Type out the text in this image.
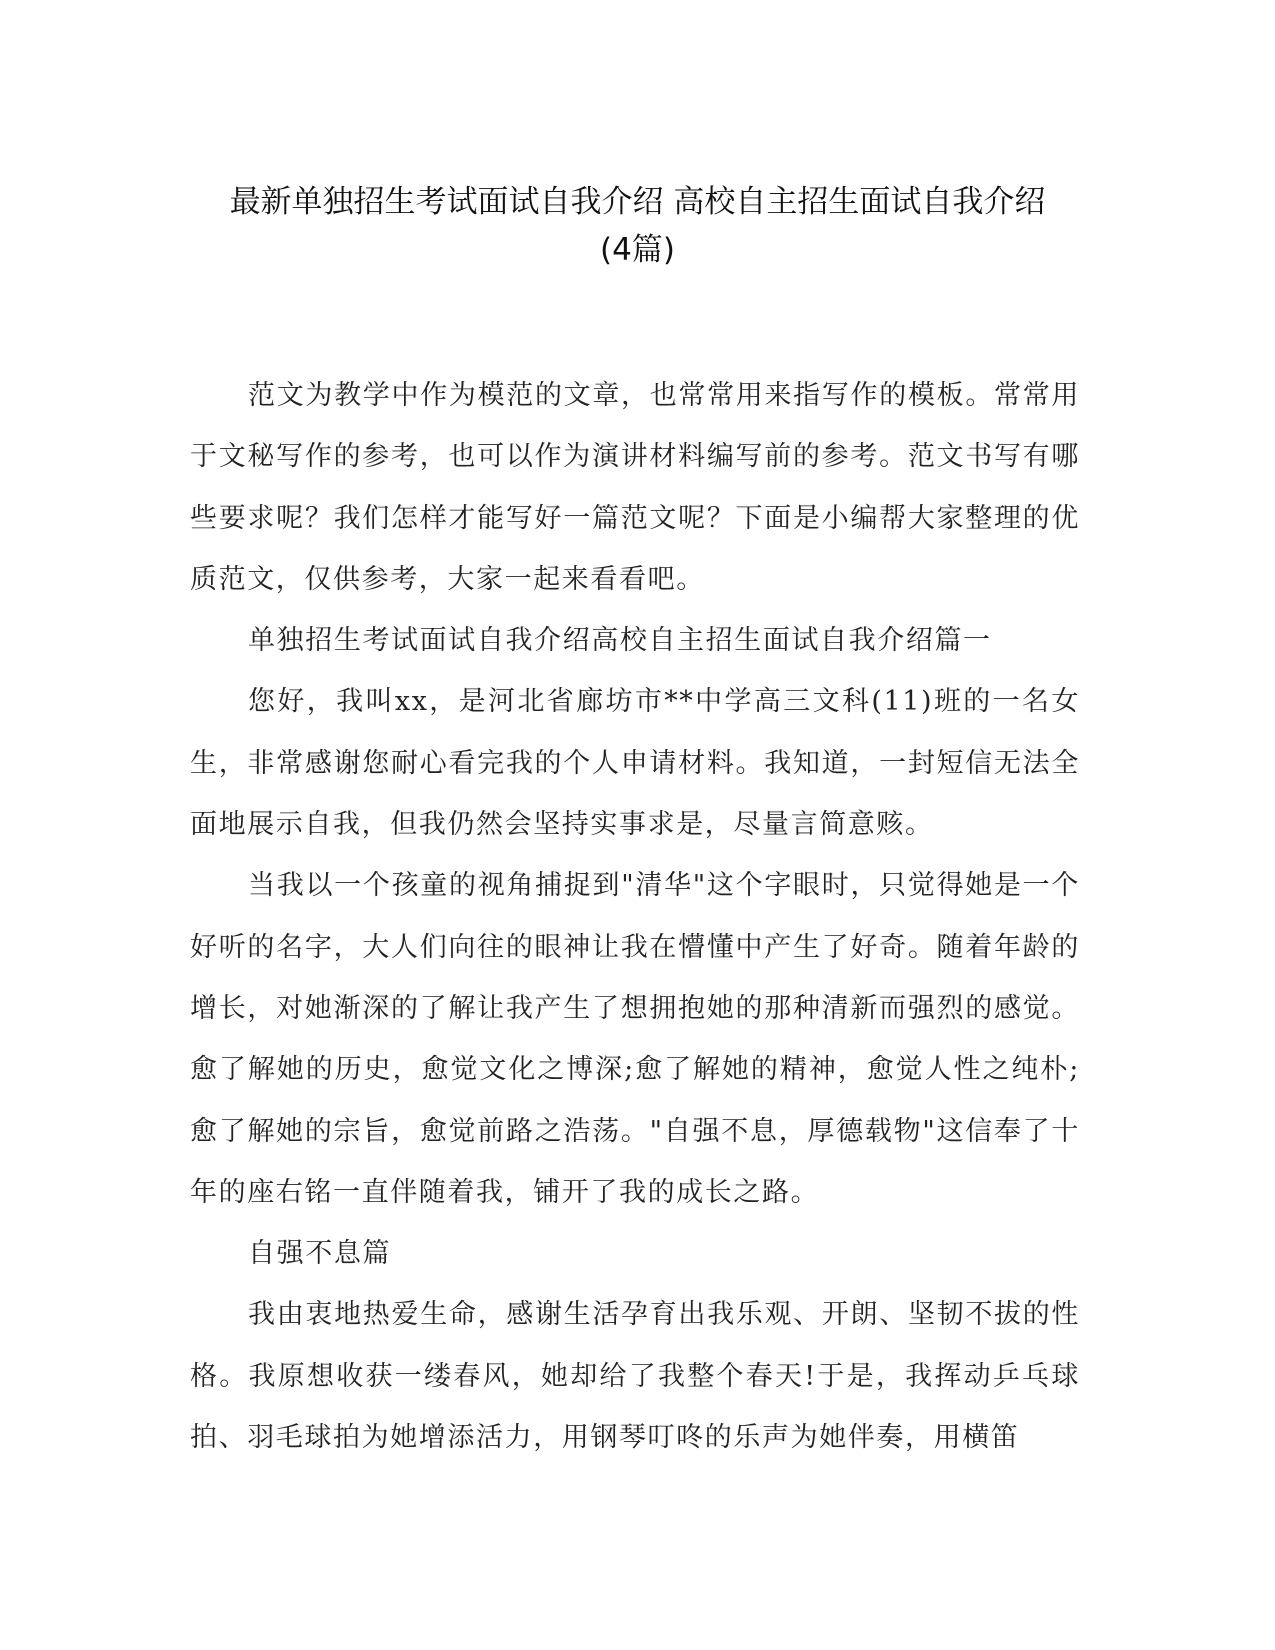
最新单独招生考试面试自我介绍 高校自主招生面试自我介绍
(4篇)

范文为教学中作为模范的文章，也常常用来指写作的模板。常常用于文秘写作的参考，也可以作为演讲材料编写前的参考。范文书写有哪些要求呢？我们怎样才能写好一篇范文呢？下面是小编帮大家整理的优质范文，仅供参考，大家一起来看看吧。

单独招生考试面试自我介绍高校自主招生面试自我介绍篇一

您好，我叫xx，是河北省廊坊市**中学高三文科(11)班的一名女生，非常感谢您耐心看完我的个人申请材料。我知道，一封短信无法全面地展示自我，但我仍然会坚持实事求是，尽量言简意赅。

当我以一个孩童的视角捕捉到"清华"这个字眼时，只觉得她是一个好听的名字，大人们向往的眼神让我在懵懂中产生了好奇。随着年龄的增长，对她渐深的了解让我产生了想拥抱她的那种清新而强烈的感觉。愈了解她的历史，愈觉文化之博深;愈了解她的精神，愈觉人性之纯朴;愈了解她的宗旨，愈觉前路之浩荡。"自强不息，厚德载物"这信奉了十年的座右铭一直伴随着我，铺开了我的成长之路。

自强不息篇

我由衷地热爱生命，感谢生活孕育出我乐观、开朗、坚韧不拔的性格。我原想收获一缕春风，她却给了我整个春天!于是，我挥动乒乓球拍、羽毛球拍为她增添活力，用钢琴叮咚的乐声为她伴奏，用横笛
